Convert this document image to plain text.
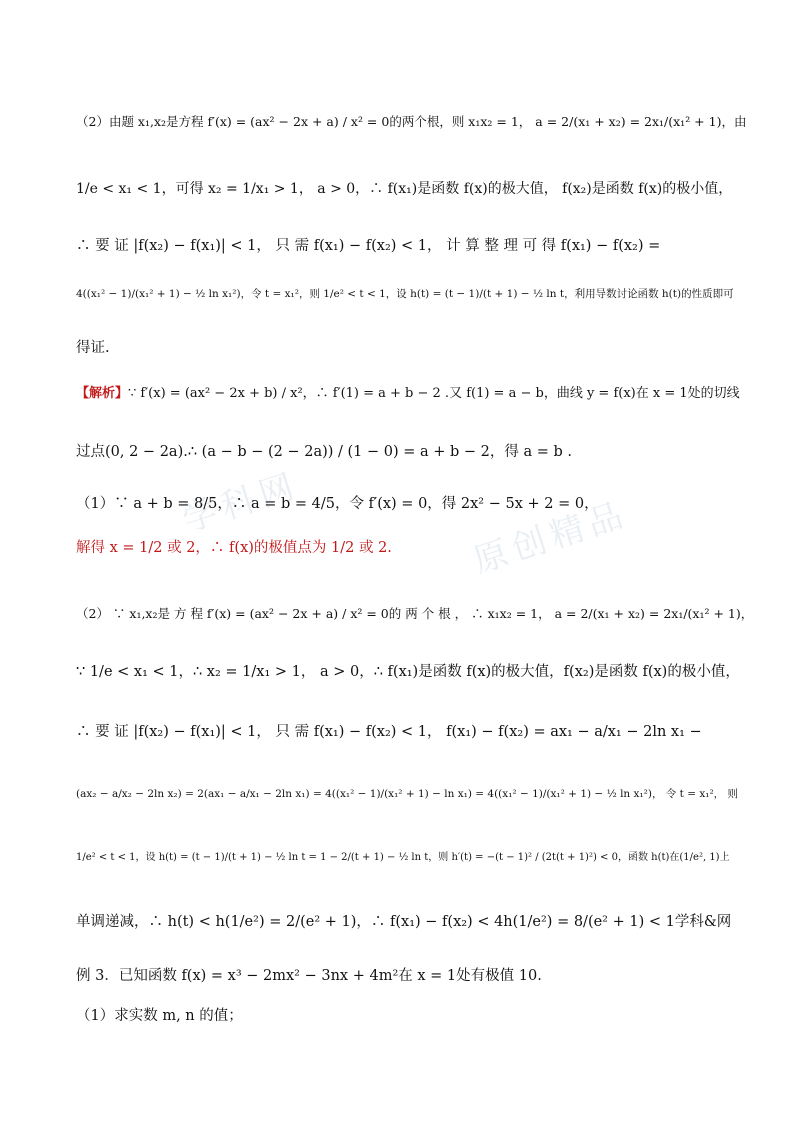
学科网	原创精品
（2）由题 x₁,x₂是方程 f′(x) = (ax² − 2x + a) / x² = 0的两个根，则 x₁x₂ = 1， a = 2/(x₁ + x₂) = 2x₁/(x₁² + 1)，由
1/e < x₁ < 1，可得 x₂ = 1/x₁ > 1， a > 0，∴ f(x₁)是函数 f(x)的极大值， f(x₂)是函数 f(x)的极小值，
∴ 要 证 |f(x₂) − f(x₁)| < 1， 只 需 f(x₁) − f(x₂) < 1， 计 算 整 理 可 得 f(x₁) − f(x₂) =
4((x₁² − 1)/(x₁² + 1) − ½ ln x₁²)，令 t = x₁²，则 1/e² < t < 1，设 h(t) = (t − 1)/(t + 1) − ½ ln t，利用导数讨论函数 h(t)的性质即可
得证.
【解析】∵ f′(x) = (ax² − 2x + b) / x²，∴ f′(1) = a + b − 2 .又 f(1) = a − b，曲线 y = f(x)在 x = 1处的切线
过点(0, 2 − 2a).∴ (a − b − (2 − 2a)) / (1 − 0) = a + b − 2，得 a = b .
（1）∵ a + b = 8/5，∴ a = b = 4/5，令 f′(x) = 0，得 2x² − 5x + 2 = 0，
解得 x = 1/2 或 2，∴ f(x)的极值点为 1/2 或 2.
（2） ∵ x₁,x₂是 方 程 f′(x) = (ax² − 2x + a) / x² = 0的 两 个 根 ， ∴ x₁x₂ = 1， a = 2/(x₁ + x₂) = 2x₁/(x₁² + 1)，
∵ 1/e < x₁ < 1，∴ x₂ = 1/x₁ > 1， a > 0，∴ f(x₁)是函数 f(x)的极大值，f(x₂)是函数 f(x)的极小值，
∴ 要 证 |f(x₂) − f(x₁)| < 1， 只 需 f(x₁) − f(x₂) < 1， f(x₁) − f(x₂) = ax₁ − a/x₁ − 2ln x₁ −
(ax₂ − a/x₂ − 2ln x₂) = 2(ax₁ − a/x₁ − 2ln x₁) = 4((x₁² − 1)/(x₁² + 1) − ln x₁) = 4((x₁² − 1)/(x₁² + 1) − ½ ln x₁²)， 令 t = x₁²， 则
1/e² < t < 1，设 h(t) = (t − 1)/(t + 1) − ½ ln t = 1 − 2/(t + 1) − ½ ln t，则 h′(t) = −(t − 1)² / (2t(t + 1)²) < 0，函数 h(t)在(1/e², 1)上
单调递减，∴ h(t) < h(1/e²) = 2/(e² + 1)，∴ f(x₁) − f(x₂) < 4h(1/e²) = 8/(e² + 1) < 1学科&网
例 3．已知函数 f(x) = x³ − 2mx² − 3nx + 4m²在 x = 1处有极值 10.
（1）求实数 m, n 的值；
